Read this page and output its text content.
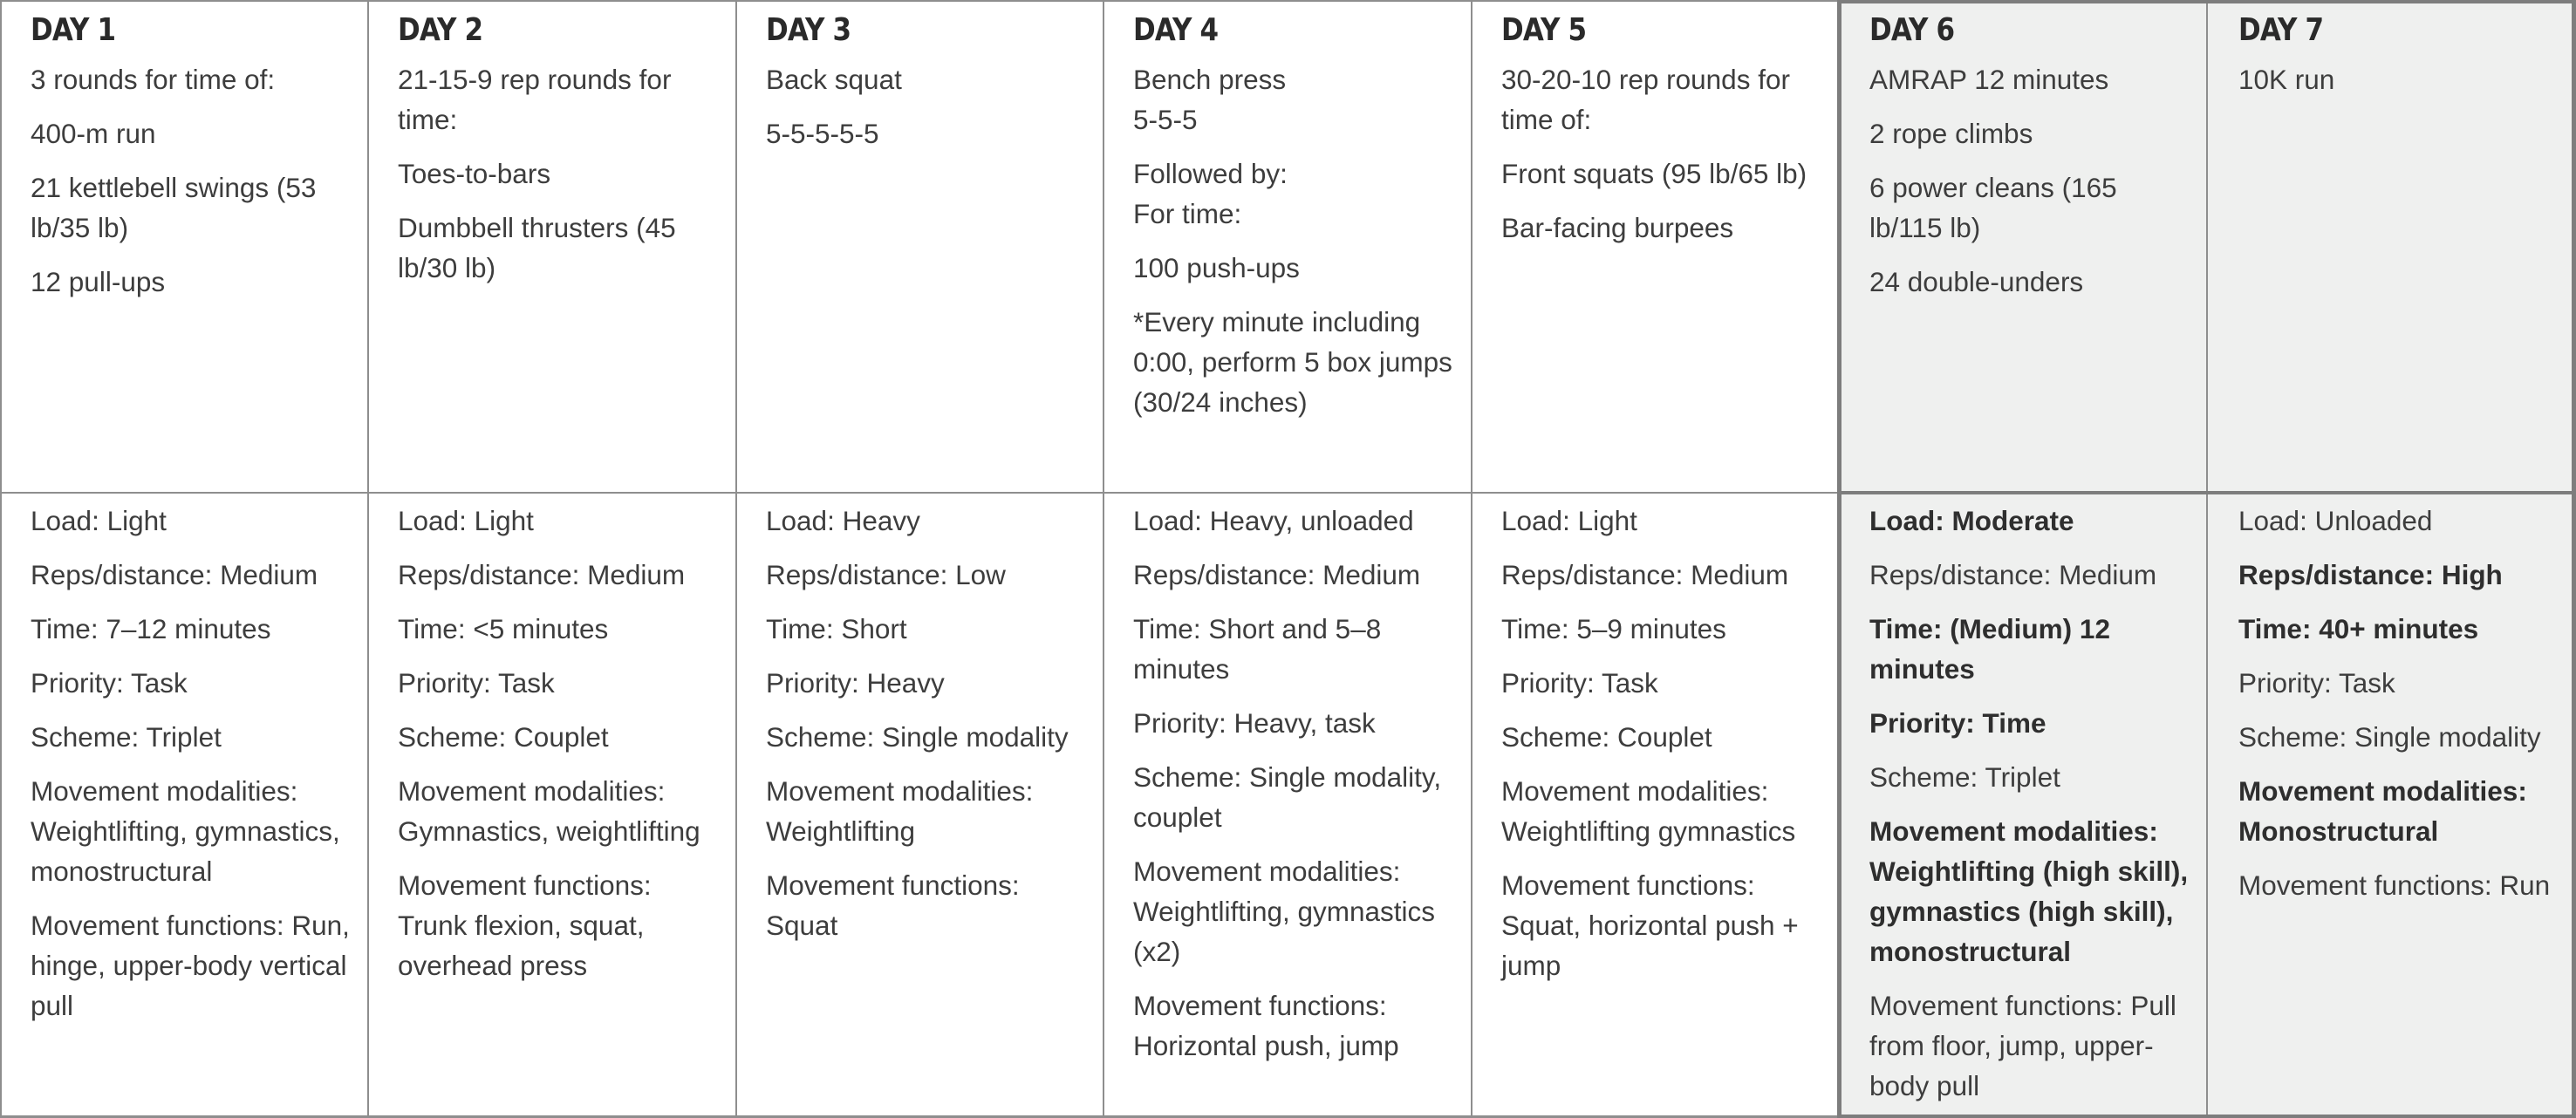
DAY 1
3 rounds for time of:
400-m run
21 kettlebell swings (53 lb/35 lb)
12 pull-ups
Load: Light
Reps/distance: Medium
Time: 7–12 minutes
Priority: Task
Scheme: Triplet
Movement modalities: Weightlifting, gymnastics, monostructural
Movement functions: Run, hinge, upper-body vertical pull
DAY 2
21-15-9 rep rounds for time:
Toes-to-bars
Dumbbell thrusters (45 lb/30 lb)
Load: Light
Reps/distance: Medium
Time: <5 minutes
Priority: Task
Scheme: Couplet
Movement modalities: Gymnastics, weightlifting
Movement functions: Trunk flexion, squat, overhead press
DAY 3
Back squat
5-5-5-5-5
Load: Heavy
Reps/distance: Low
Time: Short
Priority: Heavy
Scheme: Single modality
Movement modalities: Weightlifting
Movement functions: Squat
DAY 4
Bench press
5-5-5
Followed by:
For time:
100 push-ups
*Every minute including 0:00, perform 5 box jumps (30/24 inches)
Load: Heavy, unloaded
Reps/distance: Medium
Time: Short and 5–8 minutes
Priority: Heavy, task
Scheme: Single modality, couplet
Movement modalities: Weightlifting, gymnastics (x2)
Movement functions: Horizontal push, jump
DAY 5
30-20-10 rep rounds for time of:
Front squats (95 lb/65 lb)
Bar-facing burpees
Load: Light
Reps/distance: Medium
Time: 5–9 minutes
Priority: Task
Scheme: Couplet
Movement modalities: Weightlifting gymnastics
Movement functions: Squat, horizontal push + jump
DAY 6
AMRAP 12 minutes
2 rope climbs
6 power cleans (165 lb/115 lb)
24 double-unders
Load: Moderate
Reps/distance: Medium
Time: (Medium) 12 minutes
Priority: Time
Scheme: Triplet
Movement modalities: Weightlifting (high skill), gymnastics (high skill), monostructural
Movement functions: Pull from floor, jump, upper-body pull
DAY 7
10K run
Load: Unloaded
Reps/distance: High
Time: 40+ minutes
Priority: Task
Scheme: Single modality
Movement modalities: Monostructural
Movement functions: Run
